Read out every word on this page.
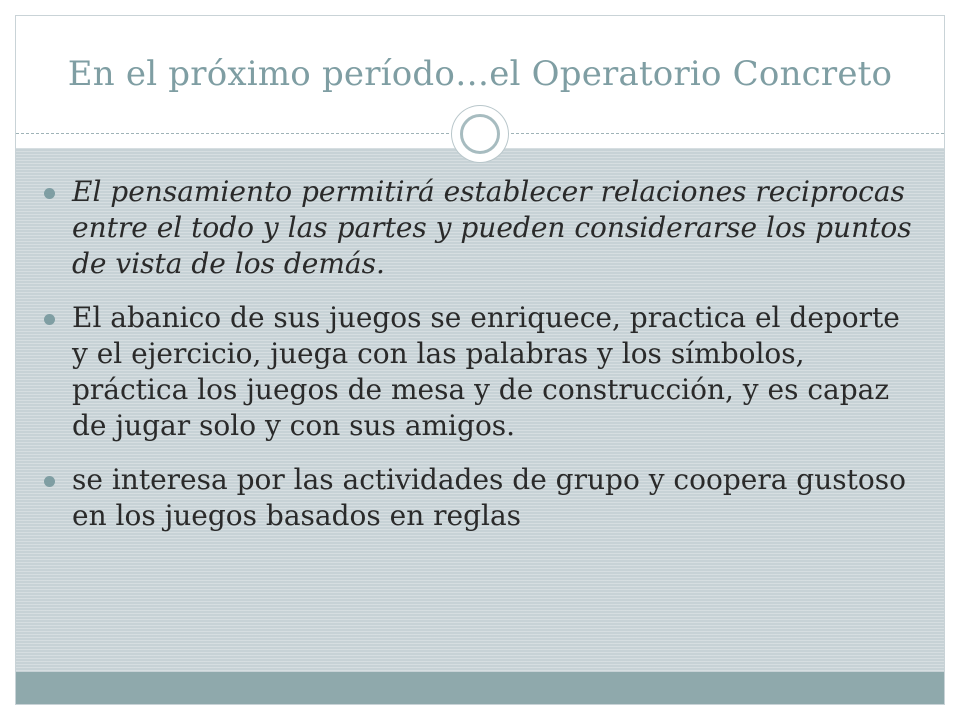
En el próximo período…el Operatorio Concreto
El pensamiento permitirá establecer relaciones reciprocas entre el todo y las partes y pueden considerarse los puntos de vista de los demás.
El abanico de sus juegos se enriquece, practica el deporte y el ejercicio, juega con las palabras y los símbolos, práctica los juegos de mesa y de construcción, y es capaz de jugar solo y con sus amigos.
se interesa por las actividades de grupo y coopera gustoso en los juegos basados en reglas
